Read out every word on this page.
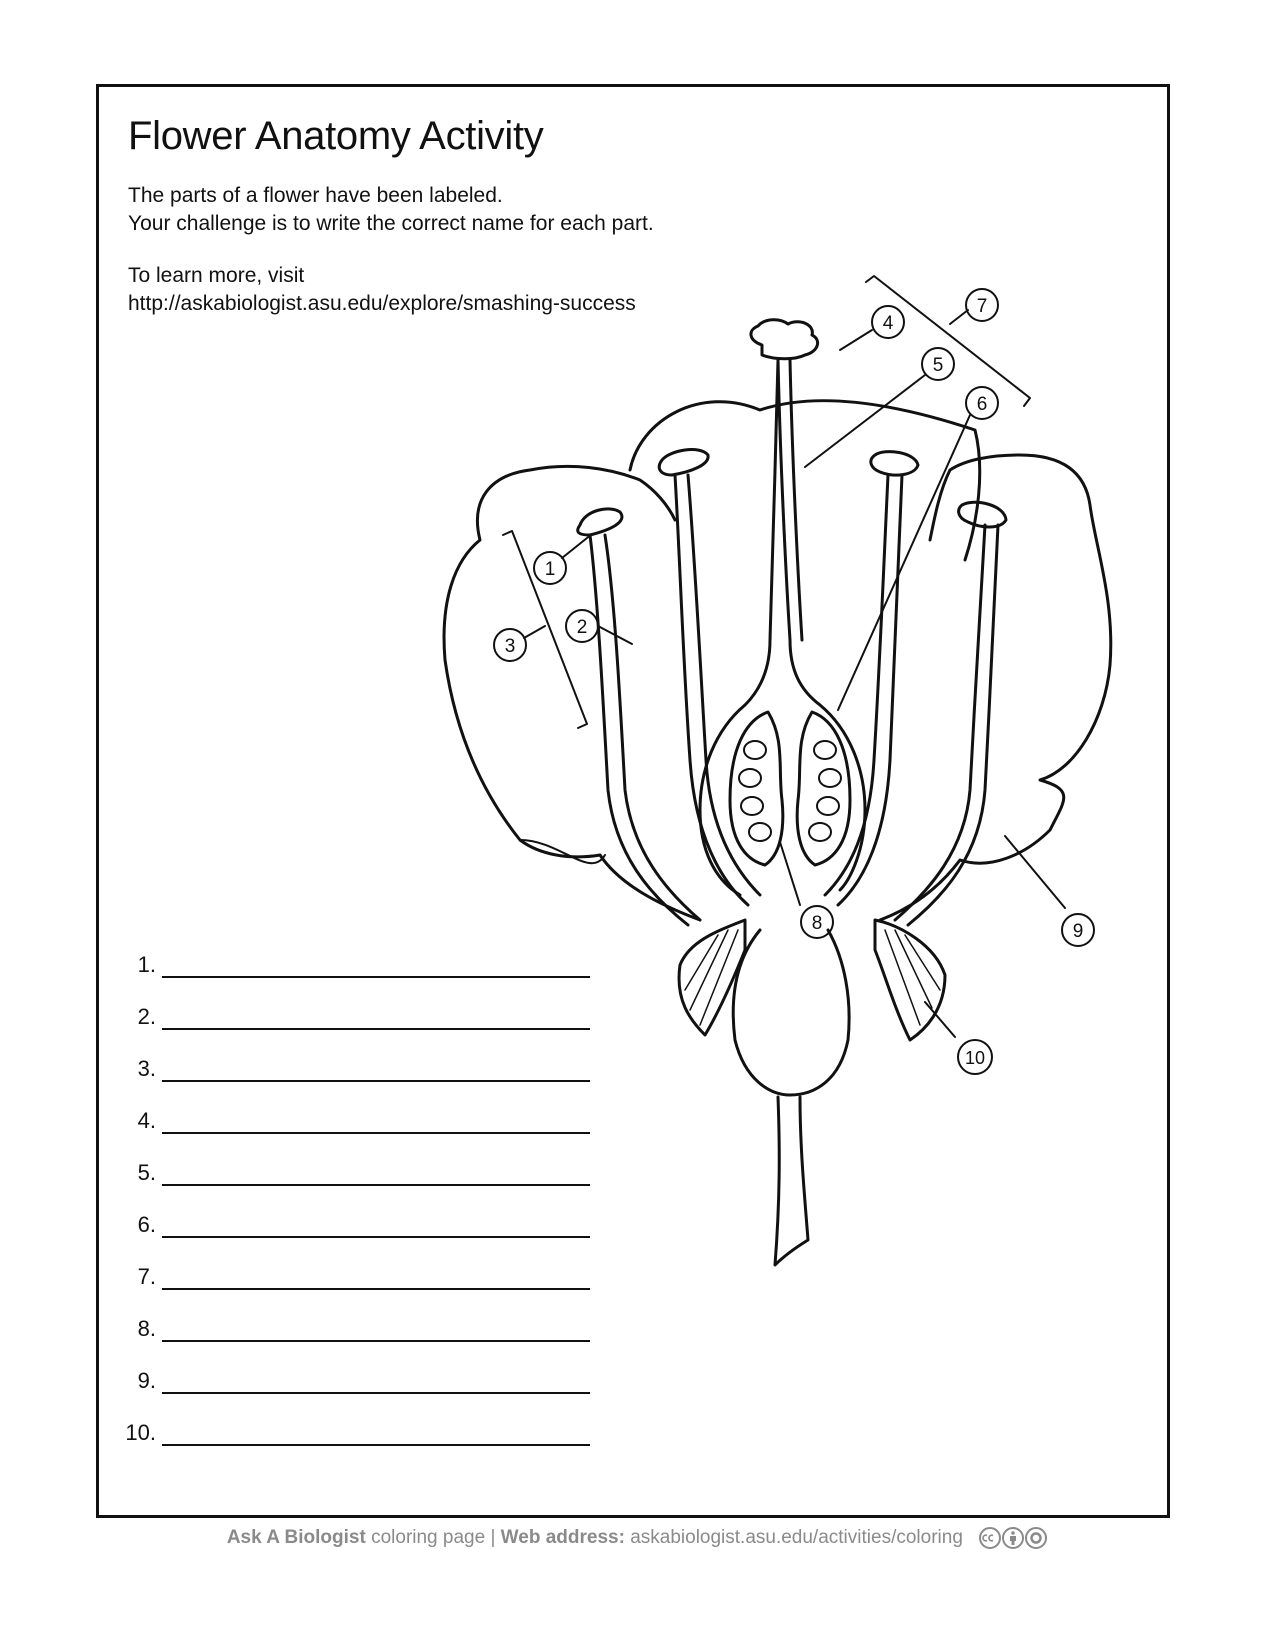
Flower Anatomy Activity

The parts of a flower have been labeled.

Your challenge is to write the correct name for each part.

To learn more, visit

http://askabiologist.asu.edu/explore/smashing-success

1
2
3
4
5
6
7
8	9
10
1.
2.
3.
4.
5.
6.
7.
8.
9.
10.
Ask A Biologist coloring page | Web address: askabiologist.asu.edu/activities/coloring
